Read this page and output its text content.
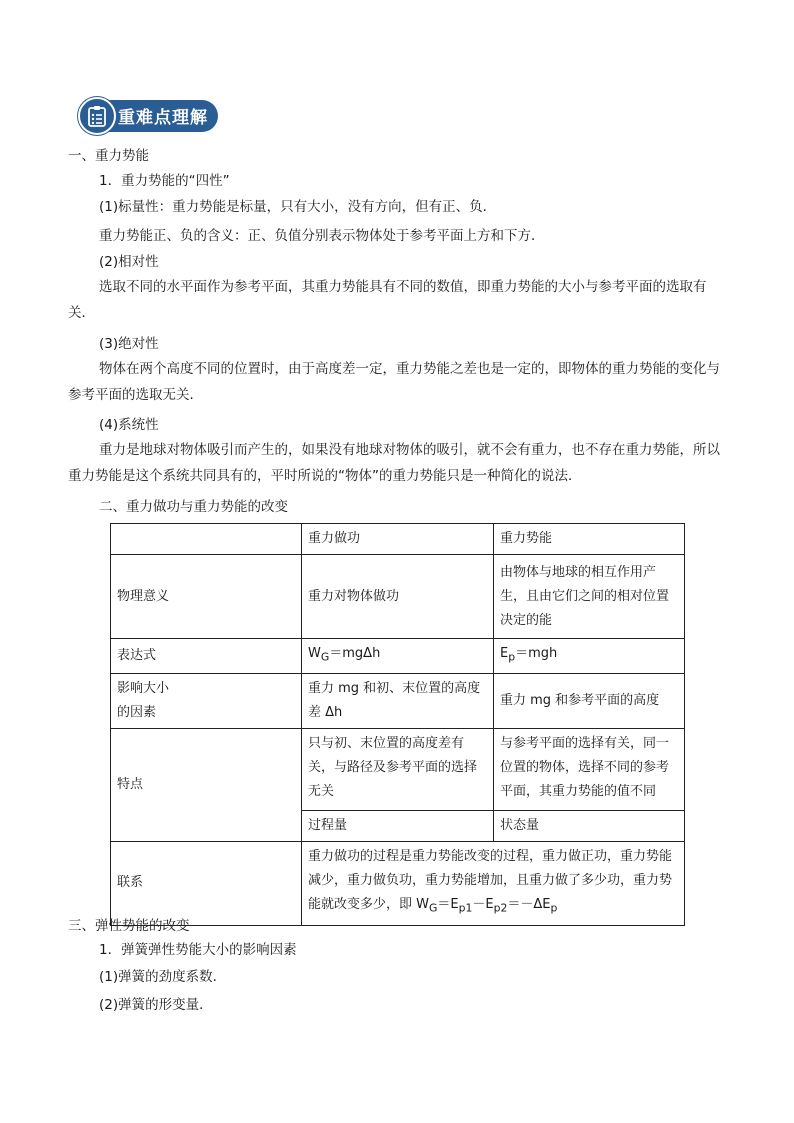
重难点理解
一、重力势能
1．重力势能的“四性”
(1)标量性：重力势能是标量，只有大小，没有方向，但有正、负．
重力势能正、负的含义：正、负值分别表示物体处于参考平面上方和下方．
(2)相对性
选取不同的水平面作为参考平面，其重力势能具有不同的数值，即重力势能的大小与参考平面的选取有关．
(3)绝对性
物体在两个高度不同的位置时，由于高度差一定，重力势能之差也是一定的，即物体的重力势能的变化与参考平面的选取无关．
(4)系统性
重力是地球对物体吸引而产生的，如果没有地球对物体的吸引，就不会有重力，也不存在重力势能，所以重力势能是这个系统共同具有的，平时所说的“物体”的重力势能只是一种简化的说法．
二、重力做功与重力势能的改变
	重力做功	重力势能
物理意义	重力对物体做功	由物体与地球的相互作用产生，且由它们之间的相对位置决定的能
表达式	$W_G=mg\Delta h$	$E_p=mgh$

影响大小
的因素	重力 mg 和初、末位置的高度差 Δh	重力 mg 和参考平面的高度
特点	只与初、末位置的高度差有关，与路径及参考平面的选择无关	与参考平面的选择有关，同一位置的物体，选择不同的参考平面，其重力势能的值不同
	过程量	状态量
联系	重力做功的过程是重力势能改变的过程，重力做正功，重力势能减少，重力做负功，重力势能增加，且重力做了多少功，重力势能就改变多少，即 $W_G=E_{p1}-E_{p2}=-\Delta E_p$
三、弹性势能的改变
1．弹簧弹性势能大小的影响因素
(1)弹簧的劲度系数．
(2)弹簧的形变量．
